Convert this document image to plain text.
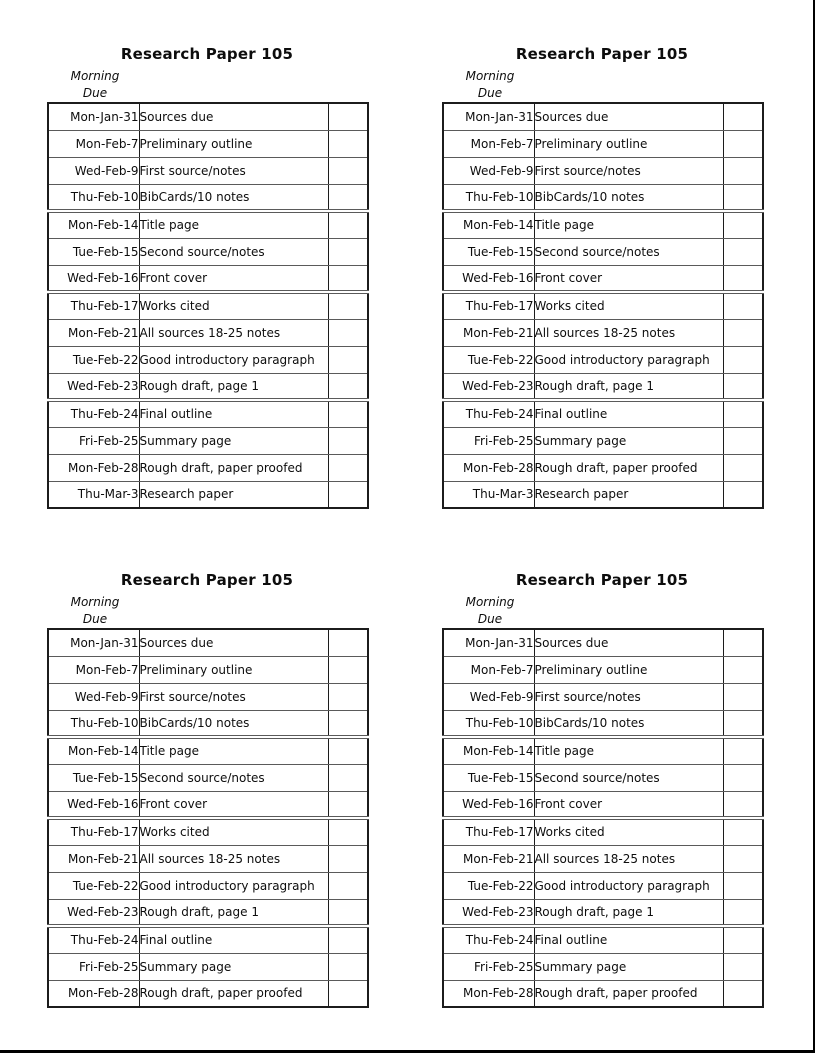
Research Paper 105
Morning
Due
Mon-Jan-31	Sources due	
Mon-Feb-7	Preliminary outline	
Wed-Feb-9	First source/notes	
Thu-Feb-10	BibCards/10 notes	
Mon-Feb-14	Title page	
Tue-Feb-15	Second source/notes	
Wed-Feb-16	Front cover	
Thu-Feb-17	Works cited	
Mon-Feb-21	All sources 18-25 notes	
Tue-Feb-22	Good introductory paragraph	
Wed-Feb-23	Rough draft, page 1	
Thu-Feb-24	Final outline	
Fri-Feb-25	Summary page	
Mon-Feb-28	Rough draft, paper proofed	
Thu-Mar-3	Research paper	
Research Paper 105
Morning
Due
Mon-Jan-31	Sources due	
Mon-Feb-7	Preliminary outline	
Wed-Feb-9	First source/notes	
Thu-Feb-10	BibCards/10 notes	
Mon-Feb-14	Title page	
Tue-Feb-15	Second source/notes	
Wed-Feb-16	Front cover	
Thu-Feb-17	Works cited	
Mon-Feb-21	All sources 18-25 notes	
Tue-Feb-22	Good introductory paragraph	
Wed-Feb-23	Rough draft, page 1	
Thu-Feb-24	Final outline	
Fri-Feb-25	Summary page	
Mon-Feb-28	Rough draft, paper proofed	
Thu-Mar-3	Research paper	
Research Paper 105
Morning
Due
Mon-Jan-31	Sources due	
Mon-Feb-7	Preliminary outline	
Wed-Feb-9	First source/notes	
Thu-Feb-10	BibCards/10 notes	
Mon-Feb-14	Title page	
Tue-Feb-15	Second source/notes	
Wed-Feb-16	Front cover	
Thu-Feb-17	Works cited	
Mon-Feb-21	All sources 18-25 notes	
Tue-Feb-22	Good introductory paragraph	
Wed-Feb-23	Rough draft, page 1	
Thu-Feb-24	Final outline	
Fri-Feb-25	Summary page	
Mon-Feb-28	Rough draft, paper proofed	
Research Paper 105
Morning
Due
Mon-Jan-31	Sources due	
Mon-Feb-7	Preliminary outline	
Wed-Feb-9	First source/notes	
Thu-Feb-10	BibCards/10 notes	
Mon-Feb-14	Title page	
Tue-Feb-15	Second source/notes	
Wed-Feb-16	Front cover	
Thu-Feb-17	Works cited	
Mon-Feb-21	All sources 18-25 notes	
Tue-Feb-22	Good introductory paragraph	
Wed-Feb-23	Rough draft, page 1	
Thu-Feb-24	Final outline	
Fri-Feb-25	Summary page	
Mon-Feb-28	Rough draft, paper proofed	
